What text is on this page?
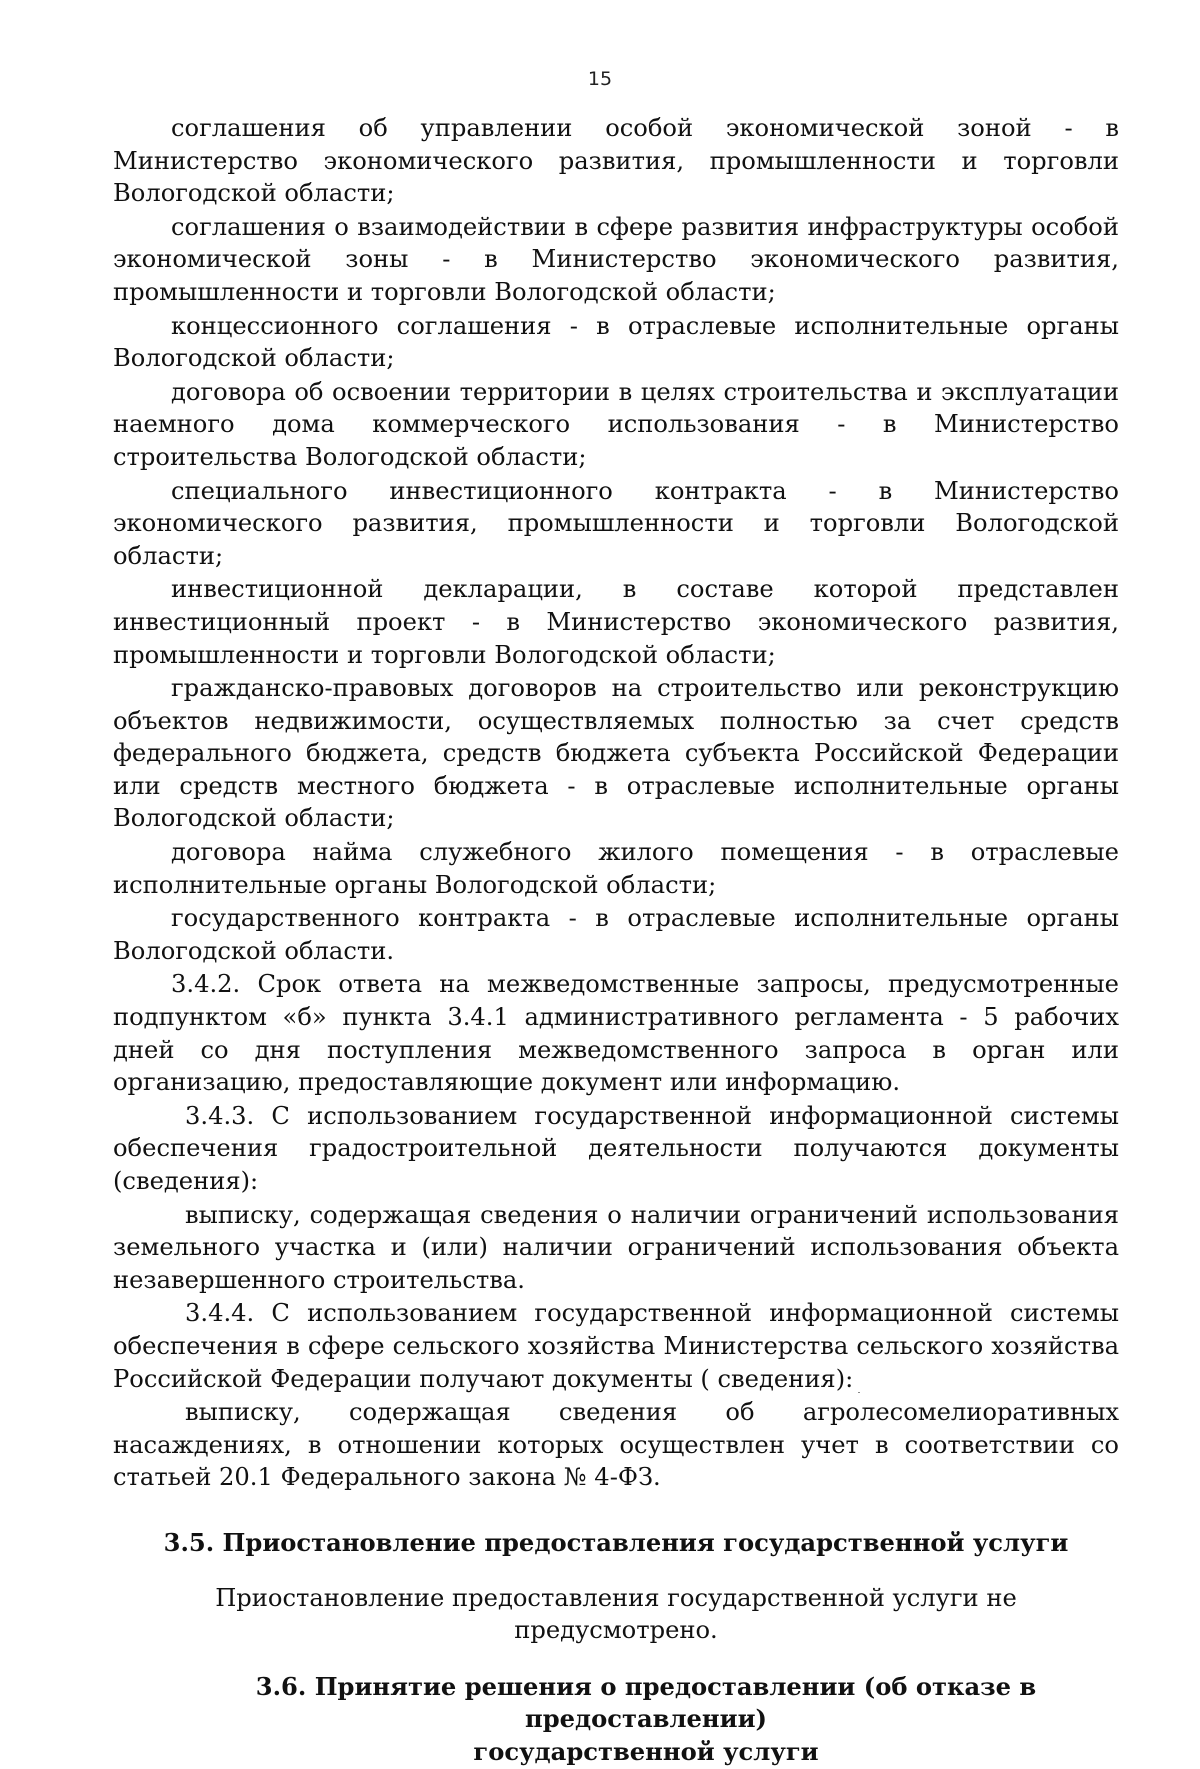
15

соглашения об управлении особой экономической зоной - в Министерство экономического развития, промышленности и торговли Вологодской области;

соглашения о взаимодействии в сфере развития инфраструктуры особой экономической зоны - в Министерство экономического развития, промышленности и торговли Вологодской области;

концессионного соглашения - в отраслевые исполнительные органы Вологодской области;

договора об освоении территории в целях строительства и эксплуатации наемного дома коммерческого использования - в Министерство строительства Вологодской области;

специального инвестиционного контракта - в Министерство экономического развития, промышленности и торговли Вологодской области;

инвестиционной декларации, в составе которой представлен инвестиционный проект - в Министерство экономического развития, промышленности и торговли Вологодской области;

гражданско-правовых договоров на строительство или реконструкцию объектов недвижимости, осуществляемых полностью за счет средств федерального бюджета, средств бюджета субъекта Российской Федерации или средств местного бюджета - в отраслевые исполнительные органы Вологодской области;

договора найма служебного жилого помещения - в отраслевые исполнительные органы Вологодской области;

государственного контракта - в отраслевые исполнительные органы Вологодской области.

3.4.2. Срок ответа на межведомственные запросы, предусмотренные подпунктом «б» пункта 3.4.1 административного регламента - 5 рабочих дней со дня поступления межведомственного запроса в орган или организацию, предоставляющие документ или информацию.

3.4.3. С использованием государственной информационной системы обеспечения градостроительной деятельности получаются документы (сведения):

выписку, содержащая сведения о наличии ограничений использования земельного участка и (или) наличии ограничений использования объекта незавершенного строительства.

3.4.4. С использованием государственной информационной системы обеспечения в сфере сельского хозяйства Министерства сельского хозяйства Российской Федерации получают документы ( сведения):

выписку, содержащая сведения об агролесомелиоративных насаждениях, в отношении которых осуществлен учет в соответствии со статьей 20.1 Федерального закона № 4-ФЗ.

3.5. Приостановление предоставления государственной услуги

Приостановление предоставления государственной услуги не предусмотрено.

3.6. Принятие решения о предоставлении (об отказе в предоставлении)
государственной услуги
